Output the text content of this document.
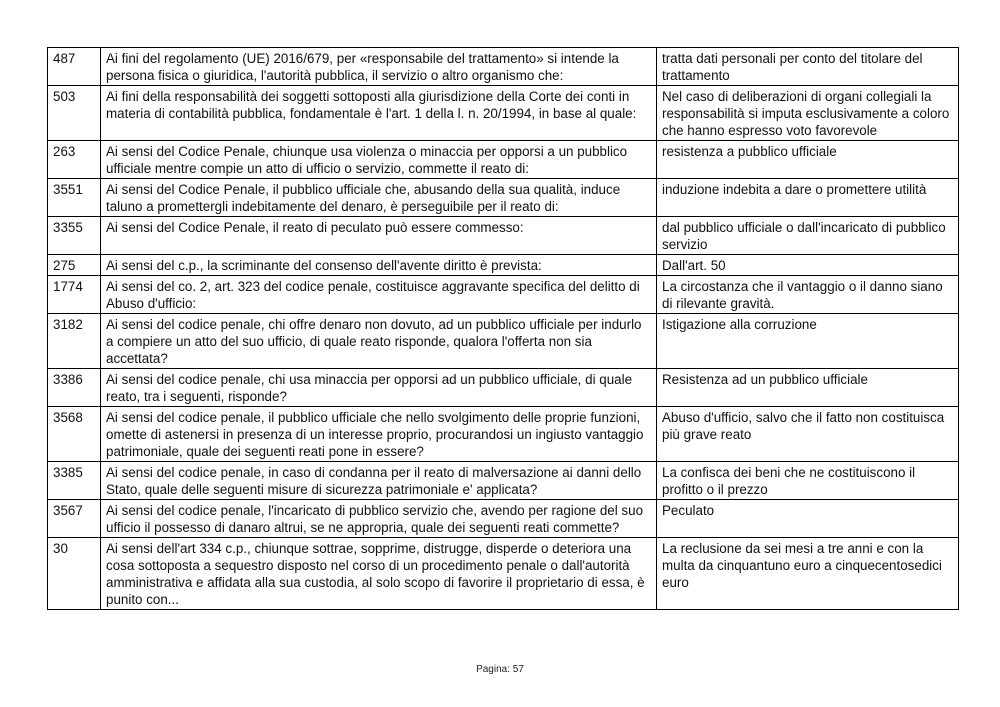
487	Ai fini del regolamento (UE) 2016/679, per «responsabile del trattamento» si intende la persona fisica o giuridica, l'autorità pubblica, il servizio o altro organismo che:	tratta dati personali per conto del titolare del trattamento
503	Ai fini della responsabilità dei soggetti sottoposti alla giurisdizione della Corte dei conti in materia di contabilità pubblica, fondamentale è l'art. 1 della l. n. 20/1994, in base al quale:	Nel caso di deliberazioni di organi collegiali la responsabilità si imputa esclusivamente a coloro che hanno espresso voto favorevole
263	Ai sensi del Codice Penale, chiunque usa violenza o minaccia per opporsi a un pubblico ufficiale mentre compie un atto di ufficio o servizio, commette il reato di:	resistenza a pubblico ufficiale
3551	Ai sensi del Codice Penale, il pubblico ufficiale che, abusando della sua qualità, induce taluno a promettergli indebitamente del denaro, è perseguibile per il reato di:	induzione indebita a dare o promettere utilità
3355	Ai sensi del Codice Penale, il reato di peculato può essere commesso:	dal pubblico ufficiale o dall'incaricato di pubblico servizio
275	Ai sensi del c.p., la scriminante del consenso dell'avente diritto è prevista:	Dall'art. 50
1774	Ai sensi del co. 2, art. 323 del codice penale, costituisce aggravante specifica del delitto di Abuso d'ufficio:	La circostanza che il vantaggio o il danno siano di rilevante gravità.
3182	Ai sensi del codice penale, chi offre denaro non dovuto, ad un pubblico ufficiale per indurlo a compiere un atto del suo ufficio, di quale reato risponde, qualora l'offerta non sia accettata?	Istigazione alla corruzione
3386	Ai sensi del codice penale, chi usa minaccia per opporsi ad un pubblico ufficiale, di quale reato, tra i seguenti, risponde?	Resistenza ad un pubblico ufficiale
3568	Ai sensi del codice penale, il pubblico ufficiale che nello svolgimento delle proprie funzioni, omette di astenersi in presenza di un interesse proprio, procurandosi un ingiusto vantaggio patrimoniale, quale dei seguenti reati pone in essere?	Abuso d'ufficio, salvo che il fatto non costituisca più grave reato
3385	Ai sensi del codice penale, in caso di condanna per il reato di malversazione ai danni dello Stato, quale delle seguenti misure di sicurezza patrimoniale e' applicata?	La confisca dei beni che ne costituiscono il profitto o il prezzo
3567	Ai sensi del codice penale, l'incaricato di pubblico servizio che, avendo per ragione del suo ufficio il possesso di danaro altrui, se ne appropria, quale dei seguenti reati commette?	Peculato
30	Ai sensi dell'art 334 c.p., chiunque sottrae, sopprime, distrugge, disperde o deteriora una cosa sottoposta a sequestro disposto nel corso di un procedimento penale o dall'autorità amministrativa e affidata alla sua custodia, al solo scopo di favorire il proprietario di essa, è punito con...	La reclusione da sei mesi a tre anni e con la multa da cinquantuno euro a cinquecentosedici euro
Pagina: 57
